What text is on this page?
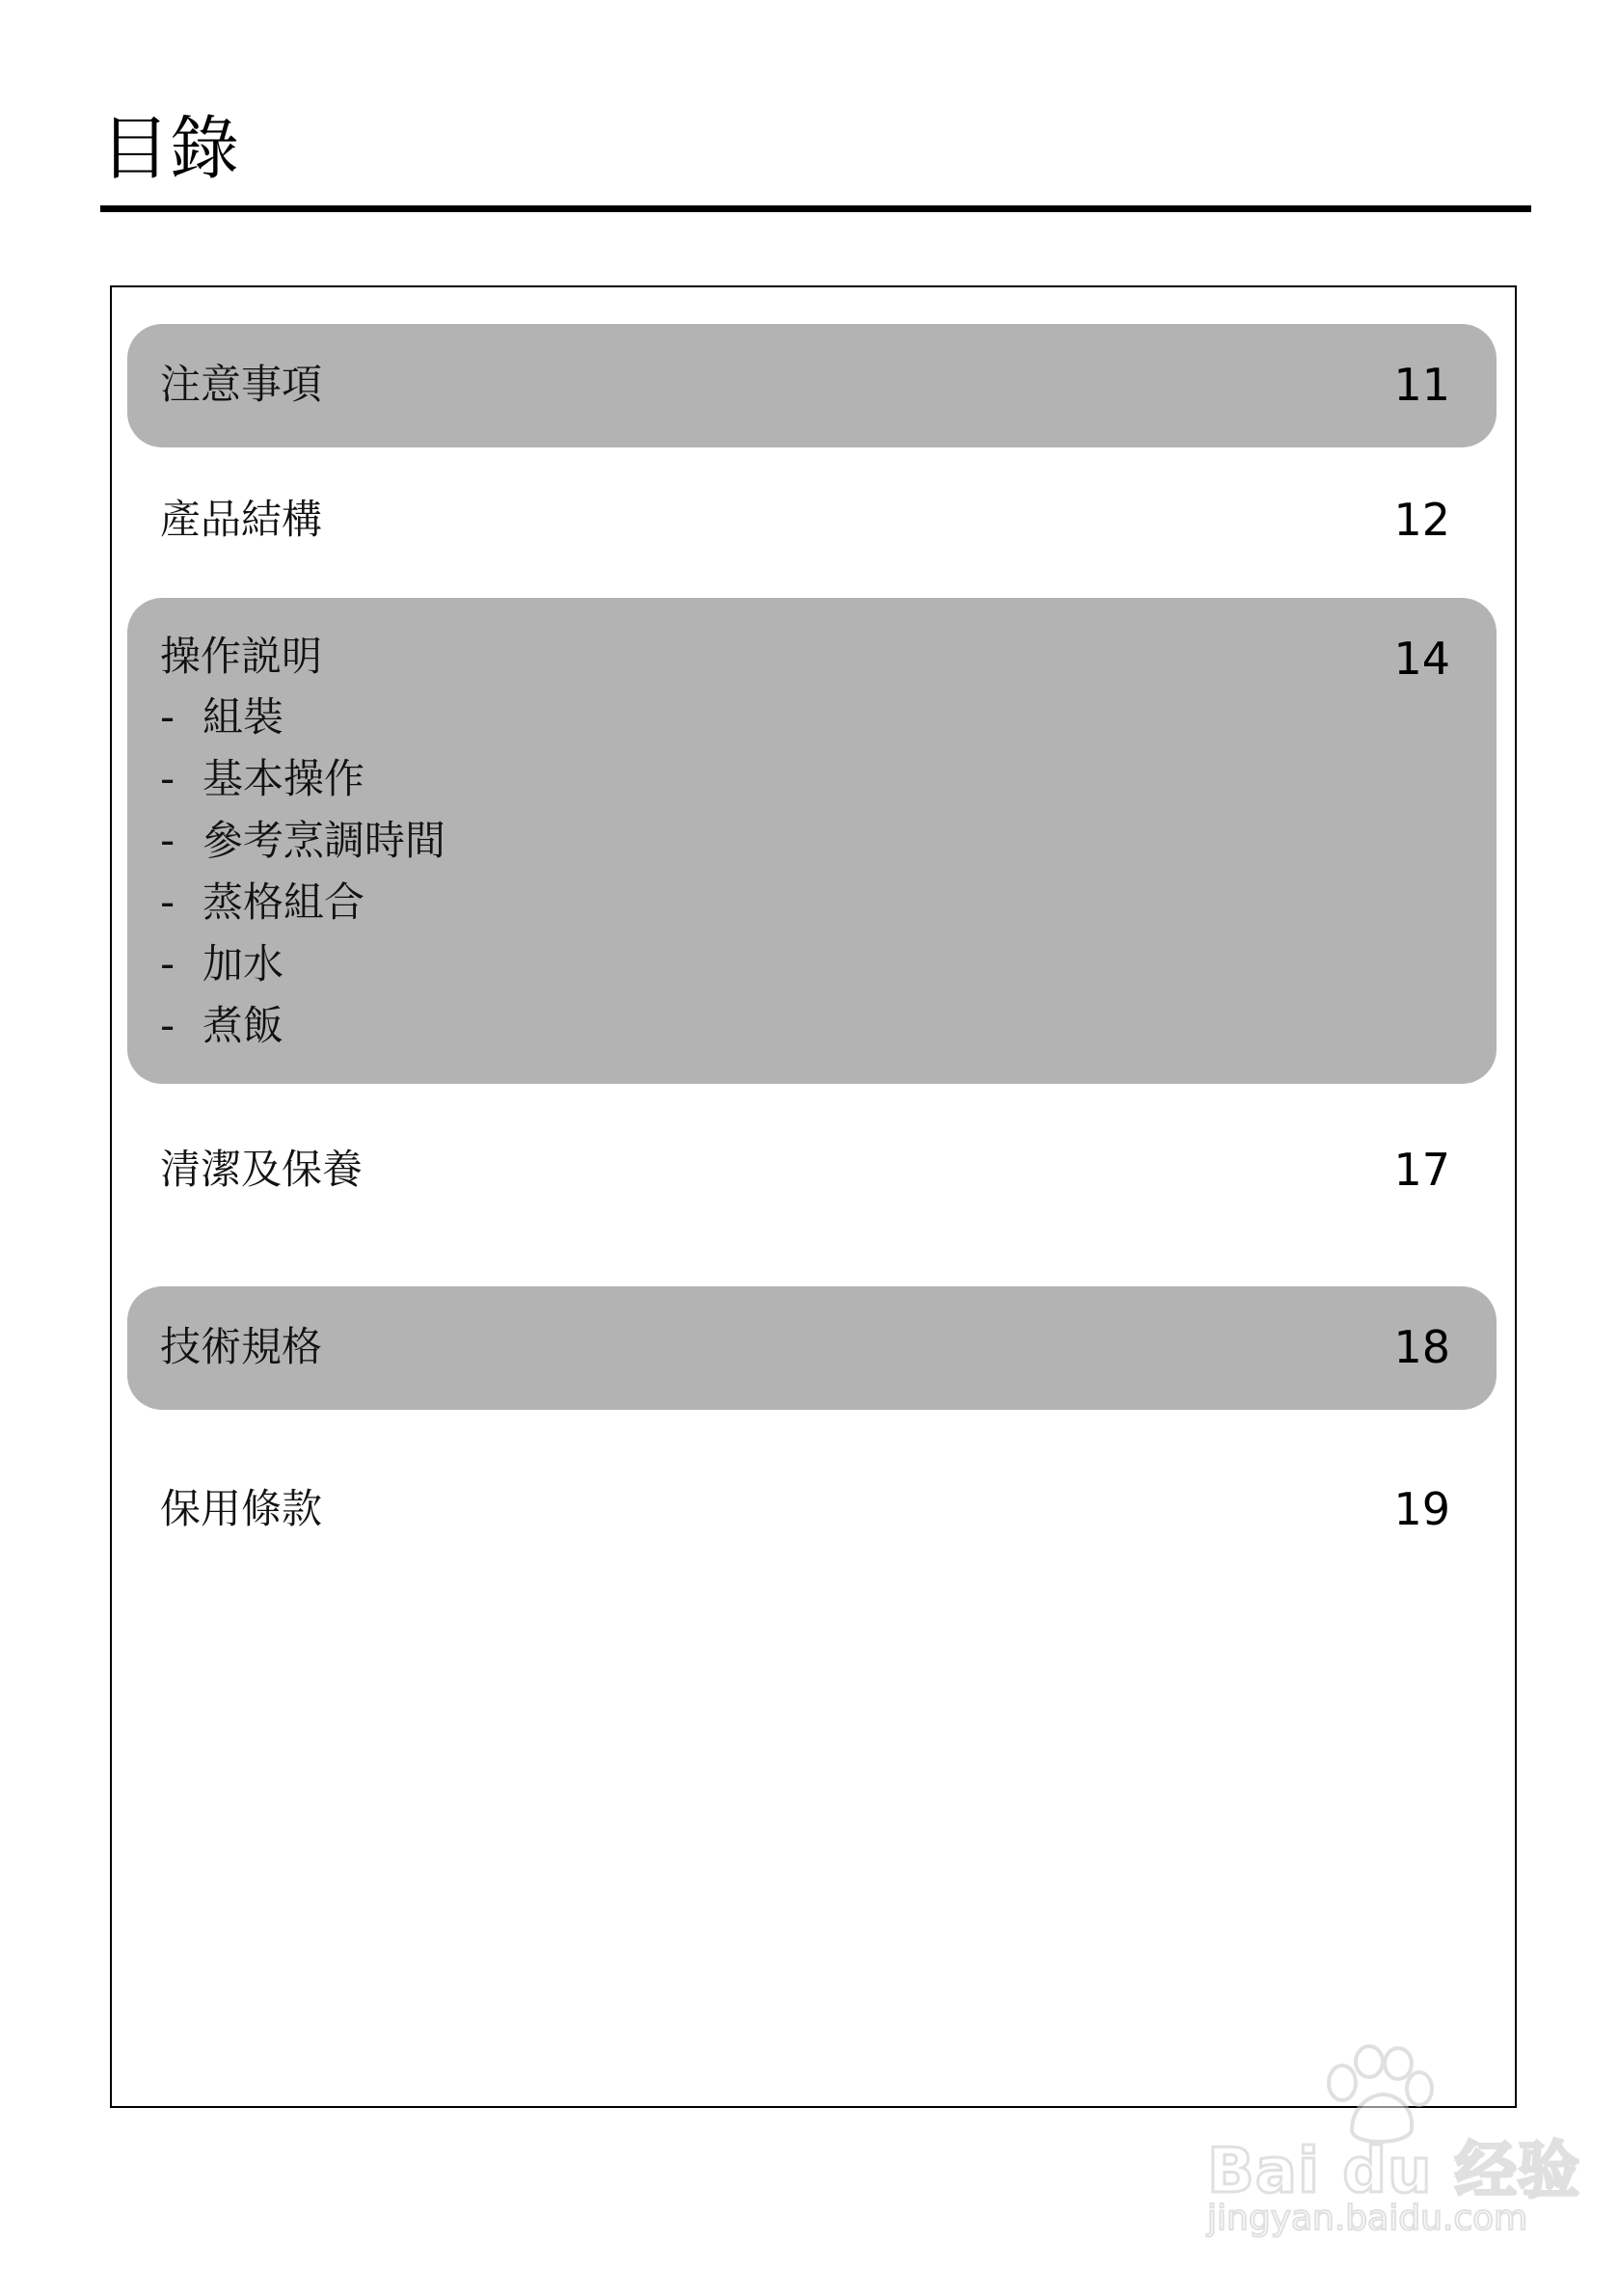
目錄
注意事項	11
產品結構	12
操作説明	14
- 組裝
- 基本操作
- 參考烹調時間
- 蒸格組合
- 加水
- 煮飯
清潔及保養	17
技術規格	18
保用條款	19
Bai du 经验
jingyan.baidu.com
